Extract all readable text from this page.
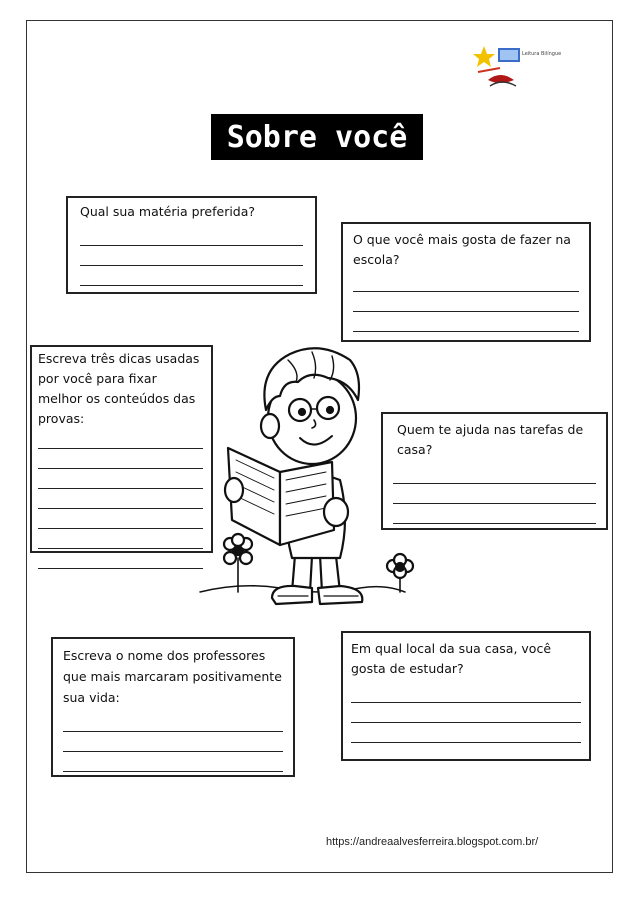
Leitura Bilíngue
Sobre você
Qual sua matéria preferida?
O que você mais gosta de fazer na escola?
Escreva três dicas usadas por você para fixar melhor os conteúdos das provas:
Quem te ajuda nas tarefas de casa?
Escreva o nome dos professores que mais marcaram positivamente sua vida:
Em qual local da sua casa, você gosta de estudar?
https://andreaalvesferreira.blogspot.com.br/
